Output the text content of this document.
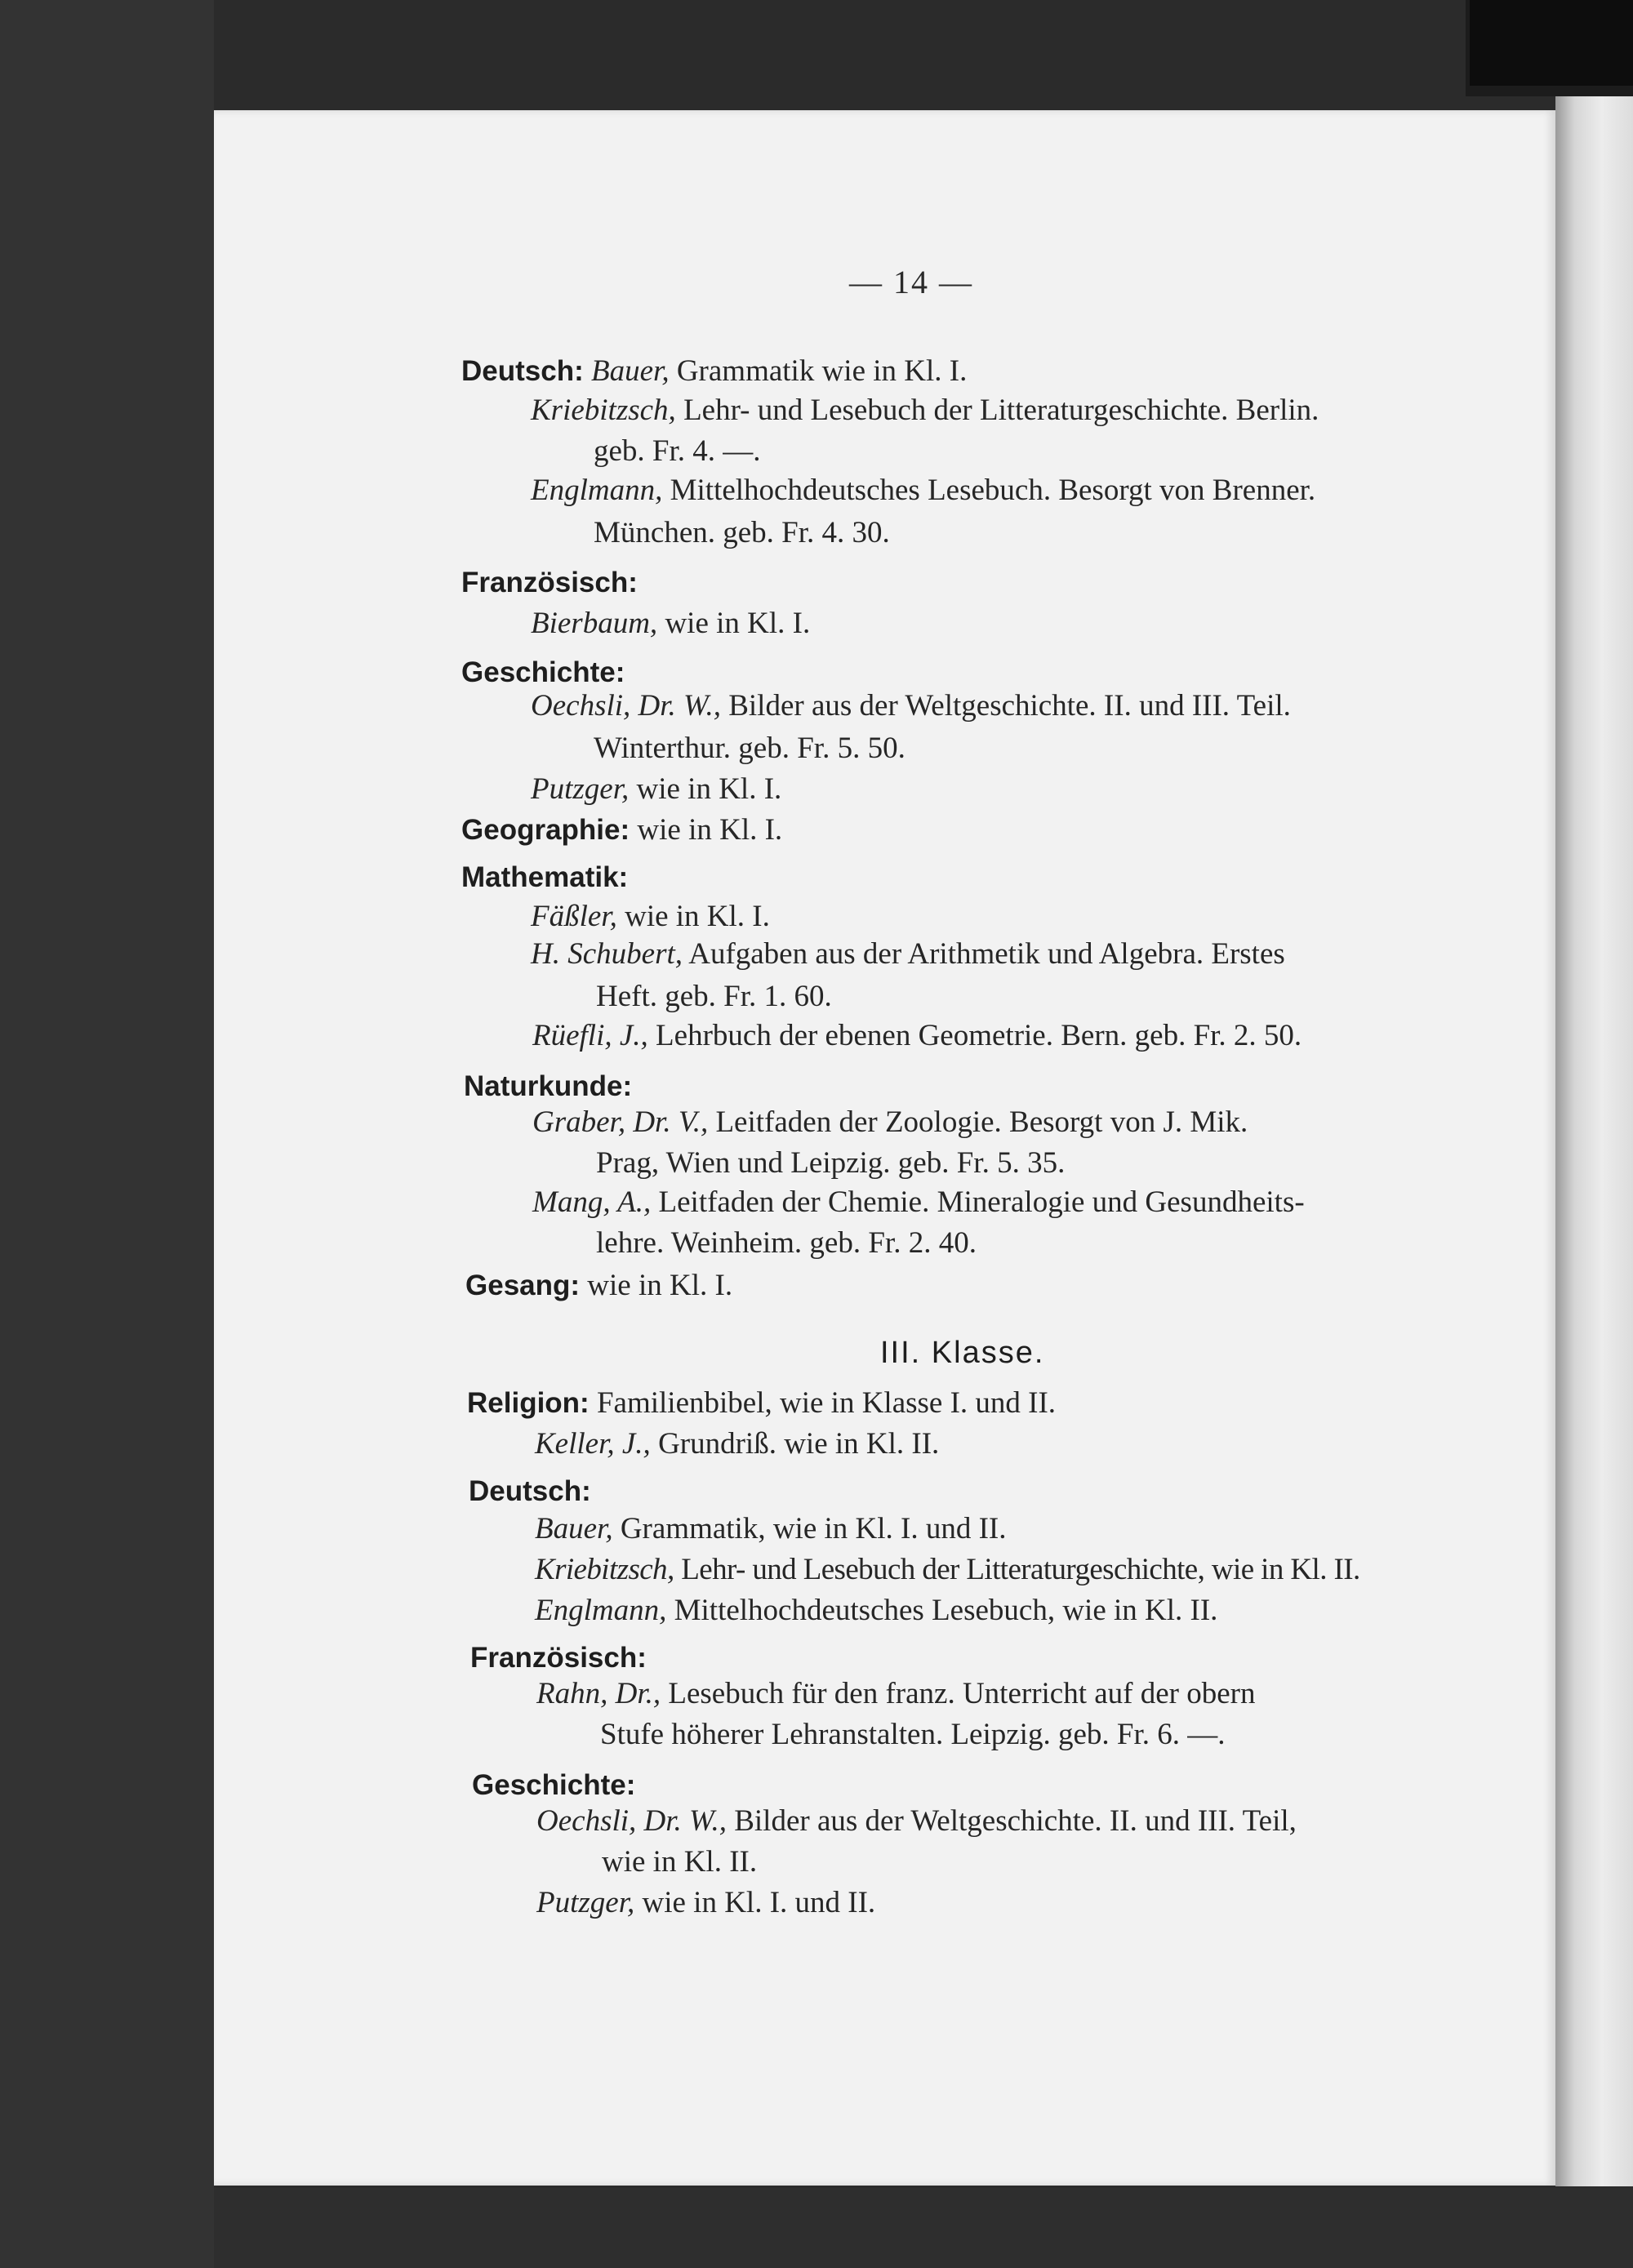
— 14 —
Deutsch: Bauer, Grammatik wie in Kl. I.
Kriebitzsch, Lehr- und Lesebuch der Litteraturgeschichte. Berlin.
geb. Fr. 4. —.
Englmann, Mittelhochdeutsches Lesebuch. Besorgt von Brenner.
München. geb. Fr. 4. 30.
Französisch:
Bierbaum, wie in Kl. I.
Geschichte:
Oechsli, Dr. W., Bilder aus der Weltgeschichte. II. und III. Teil.
Winterthur. geb. Fr. 5. 50.
Putzger, wie in Kl. I.
Geographie: wie in Kl. I.
Mathematik:
Fäßler, wie in Kl. I.
H. Schubert, Aufgaben aus der Arithmetik und Algebra. Erstes
Heft. geb. Fr. 1. 60.
Rüefli, J., Lehrbuch der ebenen Geometrie. Bern. geb. Fr. 2. 50.
Naturkunde:
Graber, Dr. V., Leitfaden der Zoologie. Besorgt von J. Mik.
Prag, Wien und Leipzig. geb. Fr. 5. 35.
Mang, A., Leitfaden der Chemie. Mineralogie und Gesundheits-
lehre. Weinheim. geb. Fr. 2. 40.
Gesang: wie in Kl. I.
III. Klasse.
Religion: Familienbibel, wie in Klasse I. und II.
Keller, J., Grundriß. wie in Kl. II.
Deutsch:
Bauer, Grammatik, wie in Kl. I. und II.
Kriebitzsch, Lehr- und Lesebuch der Litteraturgeschichte, wie in Kl. II.
Englmann, Mittelhochdeutsches Lesebuch, wie in Kl. II.
Französisch:
Rahn, Dr., Lesebuch für den franz. Unterricht auf der obern
Stufe höherer Lehranstalten. Leipzig. geb. Fr. 6. —.
Geschichte:
Oechsli, Dr. W., Bilder aus der Weltgeschichte. II. und III. Teil,
wie in Kl. II.
Putzger, wie in Kl. I. und II.
